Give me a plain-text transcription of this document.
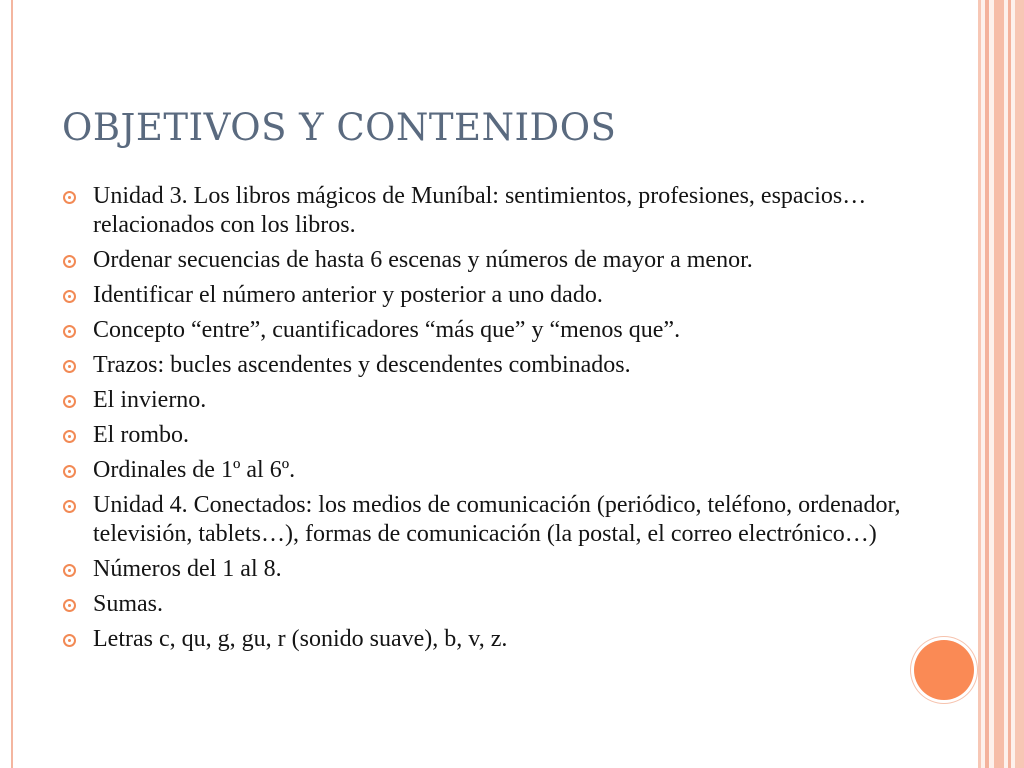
OBJETIVOS Y CONTENIDOS
Unidad 3. Los libros mágicos de Muníbal: sentimientos, profesiones, espacios… relacionados con los libros.
Ordenar secuencias de hasta 6 escenas y números de mayor a menor.
Identificar el número anterior y posterior a uno dado.
Concepto “entre”, cuantificadores “más que” y “menos que”.
Trazos: bucles ascendentes y descendentes combinados.
El invierno.
El rombo.
Ordinales de 1º al 6º.
Unidad 4. Conectados: los medios de comunicación (periódico, teléfono, ordenador, televisión, tablets…), formas de comunicación (la postal, el correo electrónico…)
Números del 1 al 8.
Sumas.
Letras c, qu, g, gu, r (sonido suave), b, v, z.
